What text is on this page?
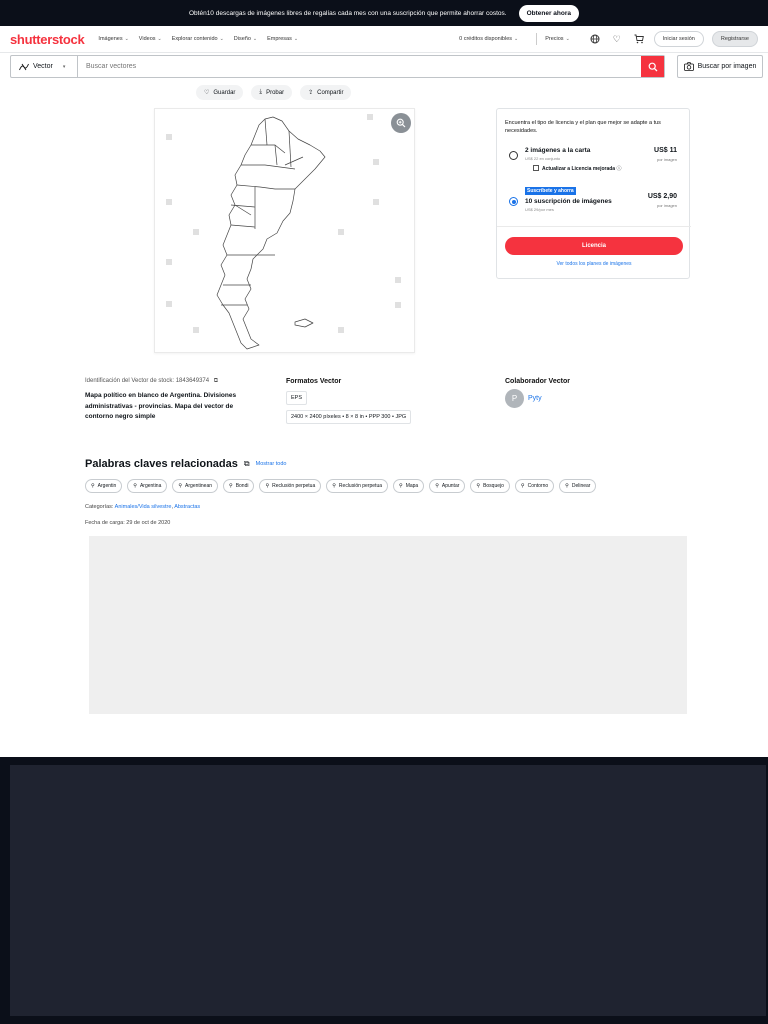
Obtén10 descargas de imágenes libres de regalías cada mes con una suscripción que permite ahorrar costos.	Obtener ahora
shutterstock	Imágenes ⌄ Videos ⌄ Explorar contenido ⌄ Diseño ⌄ Empresas ⌄	0 créditos disponibles ⌄	Precios ⌄	♡	Iniciar sesión	Registrarse
Vector ▾
Buscar vectores	Buscar por imagen
♡ Guardar	⤓ Probar	⇪ Compartir
Encuentra el tipo de licencia y el plan que mejor se adapte a tus necesidades.
2 imágenes a la carta
US$ 22 en conjunto
US$ 11
por imagen
Actualizar a Licencia mejorada ⓘ
Suscríbete y ahorra
10 suscripción de imágenes
US$ 29/por mes
US$ 2,90
por imagen
Licencia
Ver todos los planes de imágenes
Identificación del Vector de stock: 1843649374 ⧉
Mapa político en blanco de Argentina. Divisiones administrativas - provincias. Mapa del vector de contorno negro simple
Formatos Vector
EPS
2400 × 2400 píxeles • 8 × 8 in • PPP 300 • JPG
Colaborador Vector
P	Pyty
Palabras claves relacionadas ⧉ Mostrar todo
⚲ Argentin	⚲ Argentina	⚲ Argentinean	⚲ Bondi	⚲ Reclusión perpetua	⚲ Reclusión perpetua	⚲ Mapa	⚲ Apuntar	⚲ Bosquejo	⚲ Contorno	⚲ Delinear
Categorías: Animales/Vida silvestre, Abstractas
Fecha de carga: 29 de oct de 2020
